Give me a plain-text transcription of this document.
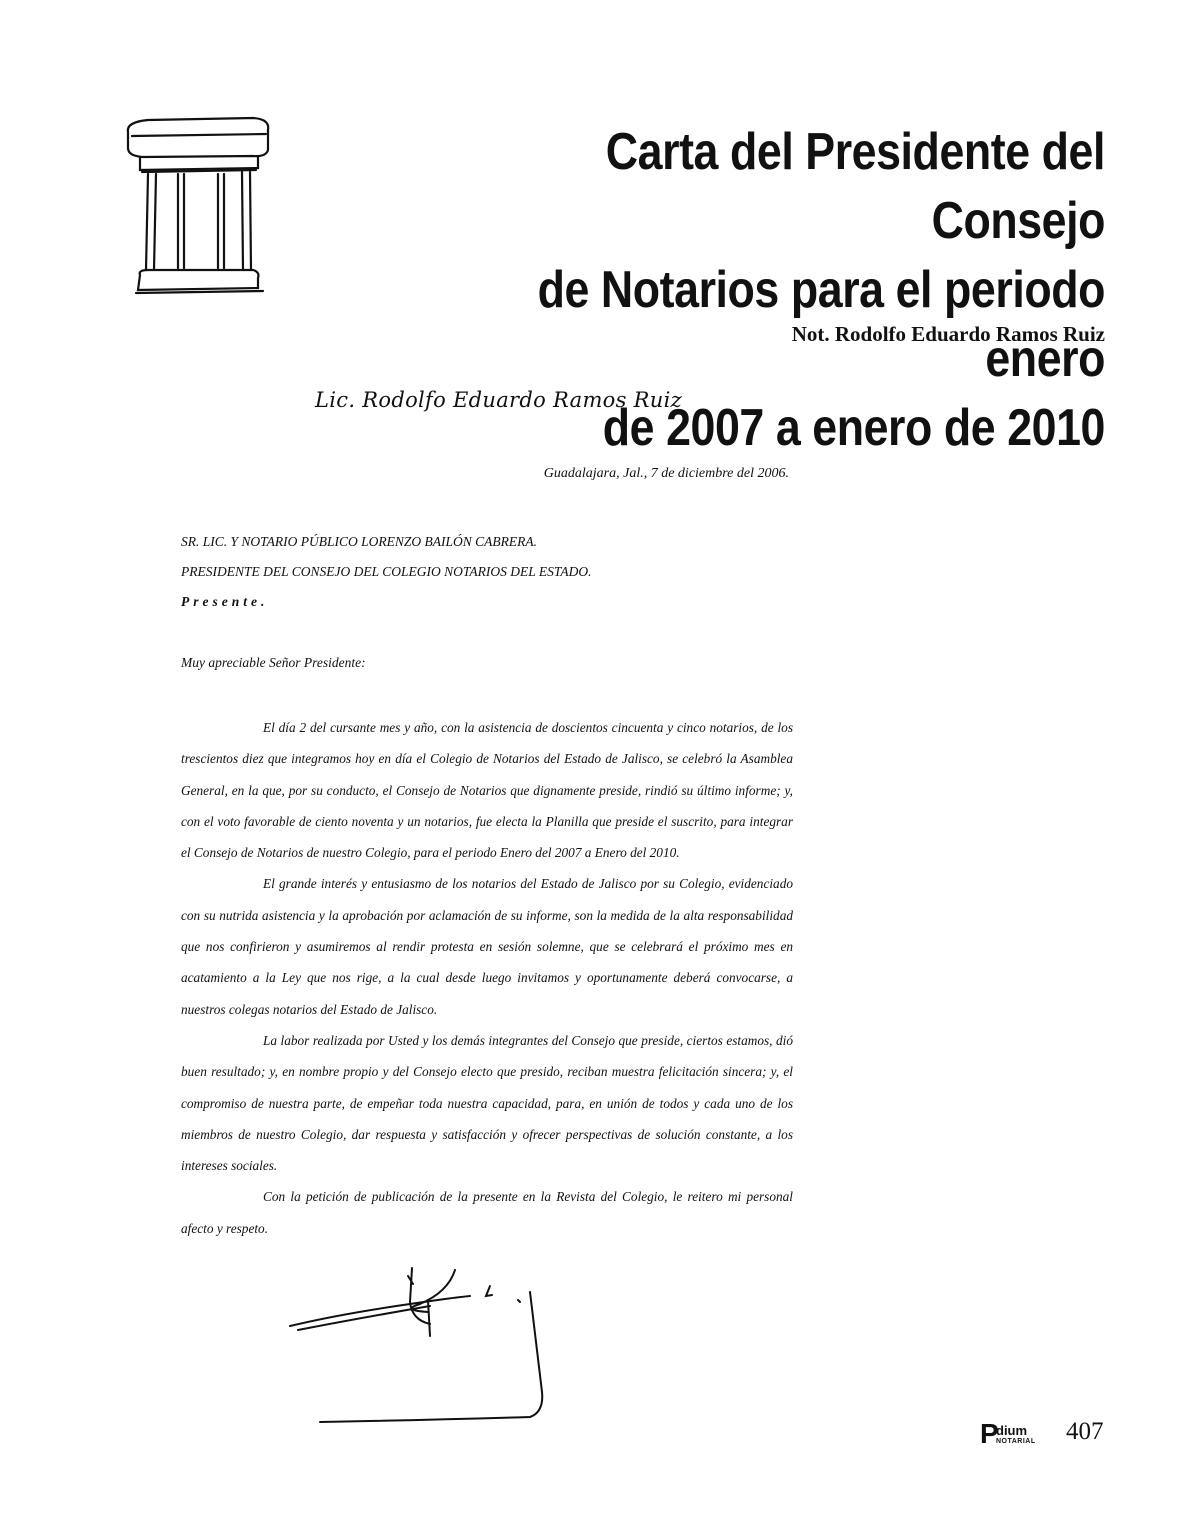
Carta del Presidente del Consejo
de Notarios para el periodo enero
de 2007 a enero de 2010
Not. Rodolfo Eduardo Ramos Ruiz
Lic. Rodolfo Eduardo Ramos Ruiz
Guadalajara, Jal., 7 de diciembre del 2006.
SR. LIC. Y NOTARIO PÚBLICO LORENZO BAILÓN CABRERA.
PRESIDENTE DEL CONSEJO DEL COLEGIO NOTARIOS DEL ESTADO.
Presente.
Muy apreciable Señor Presidente:

El día 2 del cursante mes y año, con la asistencia de doscientos cincuenta y cinco notarios, de los trescientos diez que integramos hoy en día el Colegio de Notarios del Estado de Jalisco, se celebró la Asamblea General, en la que, por su conducto, el Consejo de Notarios que dignamente preside, rindió su último informe; y, con el voto favorable de ciento noventa y un notarios, fue electa la Planilla que preside el suscrito, para integrar el Consejo de Notarios de nuestro Colegio, para el periodo Enero del 2007 a Enero del 2010.

El grande interés y entusiasmo de los notarios del Estado de Jalisco por su Colegio, evidenciado con su nutrida asistencia y la aprobación por aclamación de su informe, son la medida de la alta responsabilidad que nos confirieron y asumiremos al rendir protesta en sesión solemne, que se celebrará el próximo mes en acatamiento a la Ley que nos rige, a la cual desde luego invitamos y oportunamente deberá convocarse, a nuestros colegas notarios del Estado de Jalisco.

La labor realizada por Usted y los demás integrantes del Consejo que preside, ciertos estamos, dió buen resultado; y, en nombre propio y del Consejo electo que presido, reciban muestra felicitación sincera; y, el compromiso de nuestra parte, de empeñar toda nuestra capacidad, para, en unión de todos y cada uno de los miembros de nuestro Colegio, dar respuesta y satisfacción y ofrecer perspectivas de solución constante, a los intereses sociales.

Con la petición de publicación de la presente en la Revista del Colegio, le reitero mi personal afecto y respeto.

P
dium
NOTARIAL 407
